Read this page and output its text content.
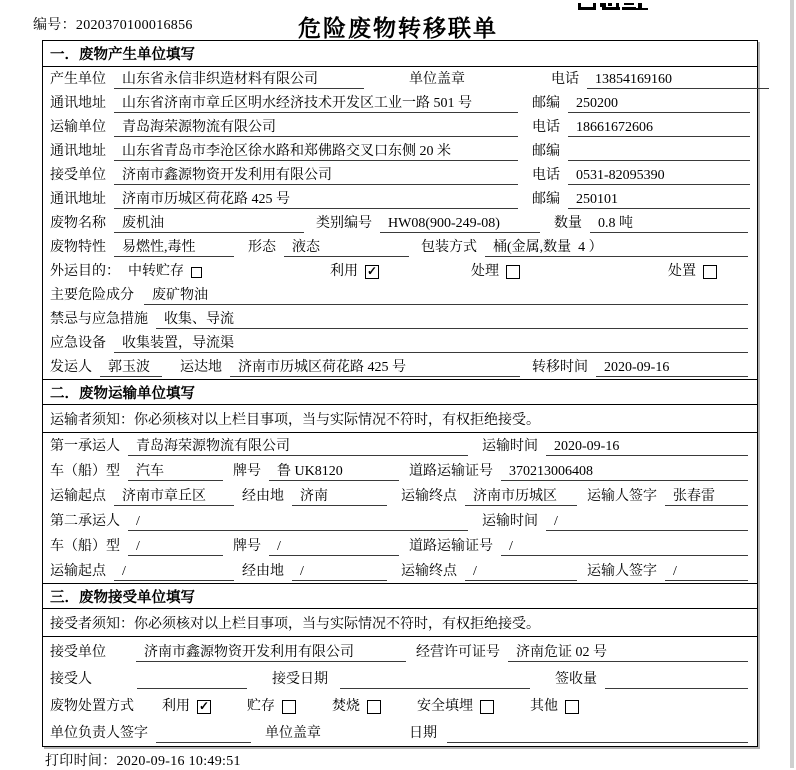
编号：2020370100016856	危险废物转移联单
一．废物产生单位填写
产生单位	山东省永信非织造材料有限公司	单位盖章	电话	13854169160
通讯地址	山东省济南市章丘区明水经济技术开发区工业一路 501 号	邮编	250200
运输单位	青岛海荣源物流有限公司	电话	18661672606
通讯地址	山东省青岛市李沧区徐水路和郑佛路交叉口东侧 20 米	邮编
接受单位	济南市鑫源物资开发利用有限公司	电话	0531-82095390
通讯地址	济南市历城区荷花路 425 号	邮编	250101
废物名称	废机油	类别编号	HW08(900-249-08)	数量	0.8 吨
废物特性	易燃性,毒性	形态	液态	包装方式	桶(金属,数量  4 ）
外运目的： 中转贮存	利用 ✓	处理	处置
主要危险成分	废矿物油
禁忌与应急措施	收集、导流
应急设备	收集装置，导流渠
发运人	郭玉波	运达地	济南市历城区荷花路 425 号	转移时间	2020-09-16
二．废物运输单位填写
运输者须知：你必须核对以上栏目事项，当与实际情况不符时，有权拒绝接受。
第一承运人	青岛海荣源物流有限公司	运输时间	2020-09-16
车（船）型	汽车	牌号	鲁 UK8120	道路运输证号	370213006408
运输起点	济南市章丘区	经由地	济南	运输终点	济南市历城区	运输人签字	张春雷
第二承运人	/	运输时间	/
车（船）型	/	牌号	/	道路运输证号	/
运输起点	/	经由地	/	运输终点	/	运输人签字	/
三．废物接受单位填写
接受者须知：你必须核对以上栏目事项，当与实际情况不符时，有权拒绝接受。
接受单位	济南市鑫源物资开发利用有限公司	经营许可证号	济南危证 02 号
接受人	接受日期	签收量
废物处置方式 利用 ✓	贮存	焚烧	安全填埋	其他
单位负责人签字	单位盖章	日期
打印时间：2020-09-16 10:49:51
